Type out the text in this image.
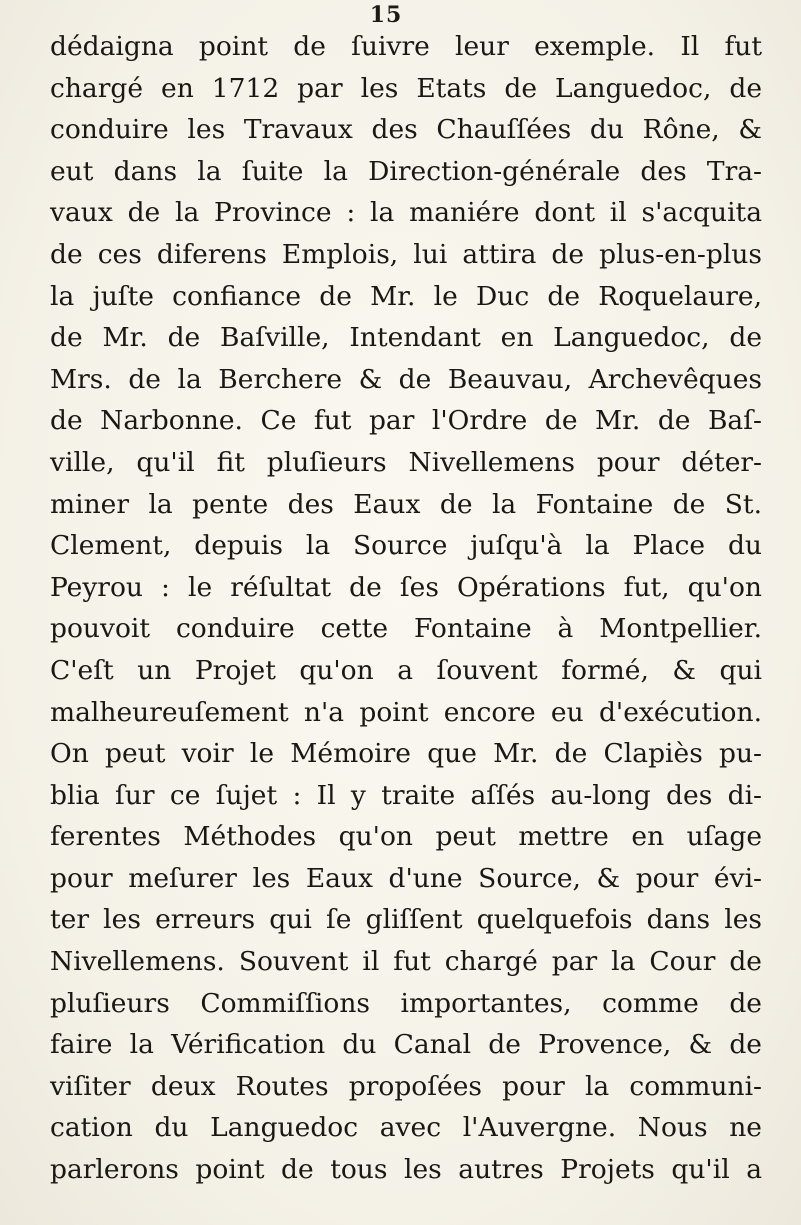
15
dédaigna point de ſuivre leur exemple. Il fut
chargé en 1712 par les Etats de Languedoc, de
conduire les Travaux des Chauſſées du Rône, &
eut dans la ſuite la Direction-générale des Tra-
vaux de la Province : la maniére dont il s'acquita
de ces diferens Emplois, lui attira de plus-en-plus
la juſte confiance de Mr. le Duc de Roquelaure,
de Mr. de Baſville, Intendant en Languedoc, de
Mrs. de la Berchere & de Beauvau, Archevêques
de Narbonne. Ce fut par l'Ordre de Mr. de Baſ-
ville, qu'il fit pluſieurs Nivellemens pour déter-
miner la pente des Eaux de la Fontaine de St.
Clement, depuis la Source juſqu'à la Place du
Peyrou : le réſultat de ſes Opérations fut, qu'on
pouvoit conduire cette Fontaine à Montpellier.
C'eſt un Projet qu'on a ſouvent formé, & qui
malheureuſement n'a point encore eu d'exécution.
On peut voir le Mémoire que Mr. de Clapiès pu-
blia ſur ce ſujet : Il y traite aſſés au-long des di-
ferentes Méthodes qu'on peut mettre en uſage
pour meſurer les Eaux d'une Source, & pour évi-
ter les erreurs qui ſe gliſſent quelquefois dans les
Nivellemens. Souvent il fut chargé par la Cour de
pluſieurs Commiſſions importantes, comme de
faire la Vérification du Canal de Provence, & de
viſiter deux Routes propoſées pour la communi-
cation du Languedoc avec l'Auvergne. Nous ne
parlerons point de tous les autres Projets qu'il a
